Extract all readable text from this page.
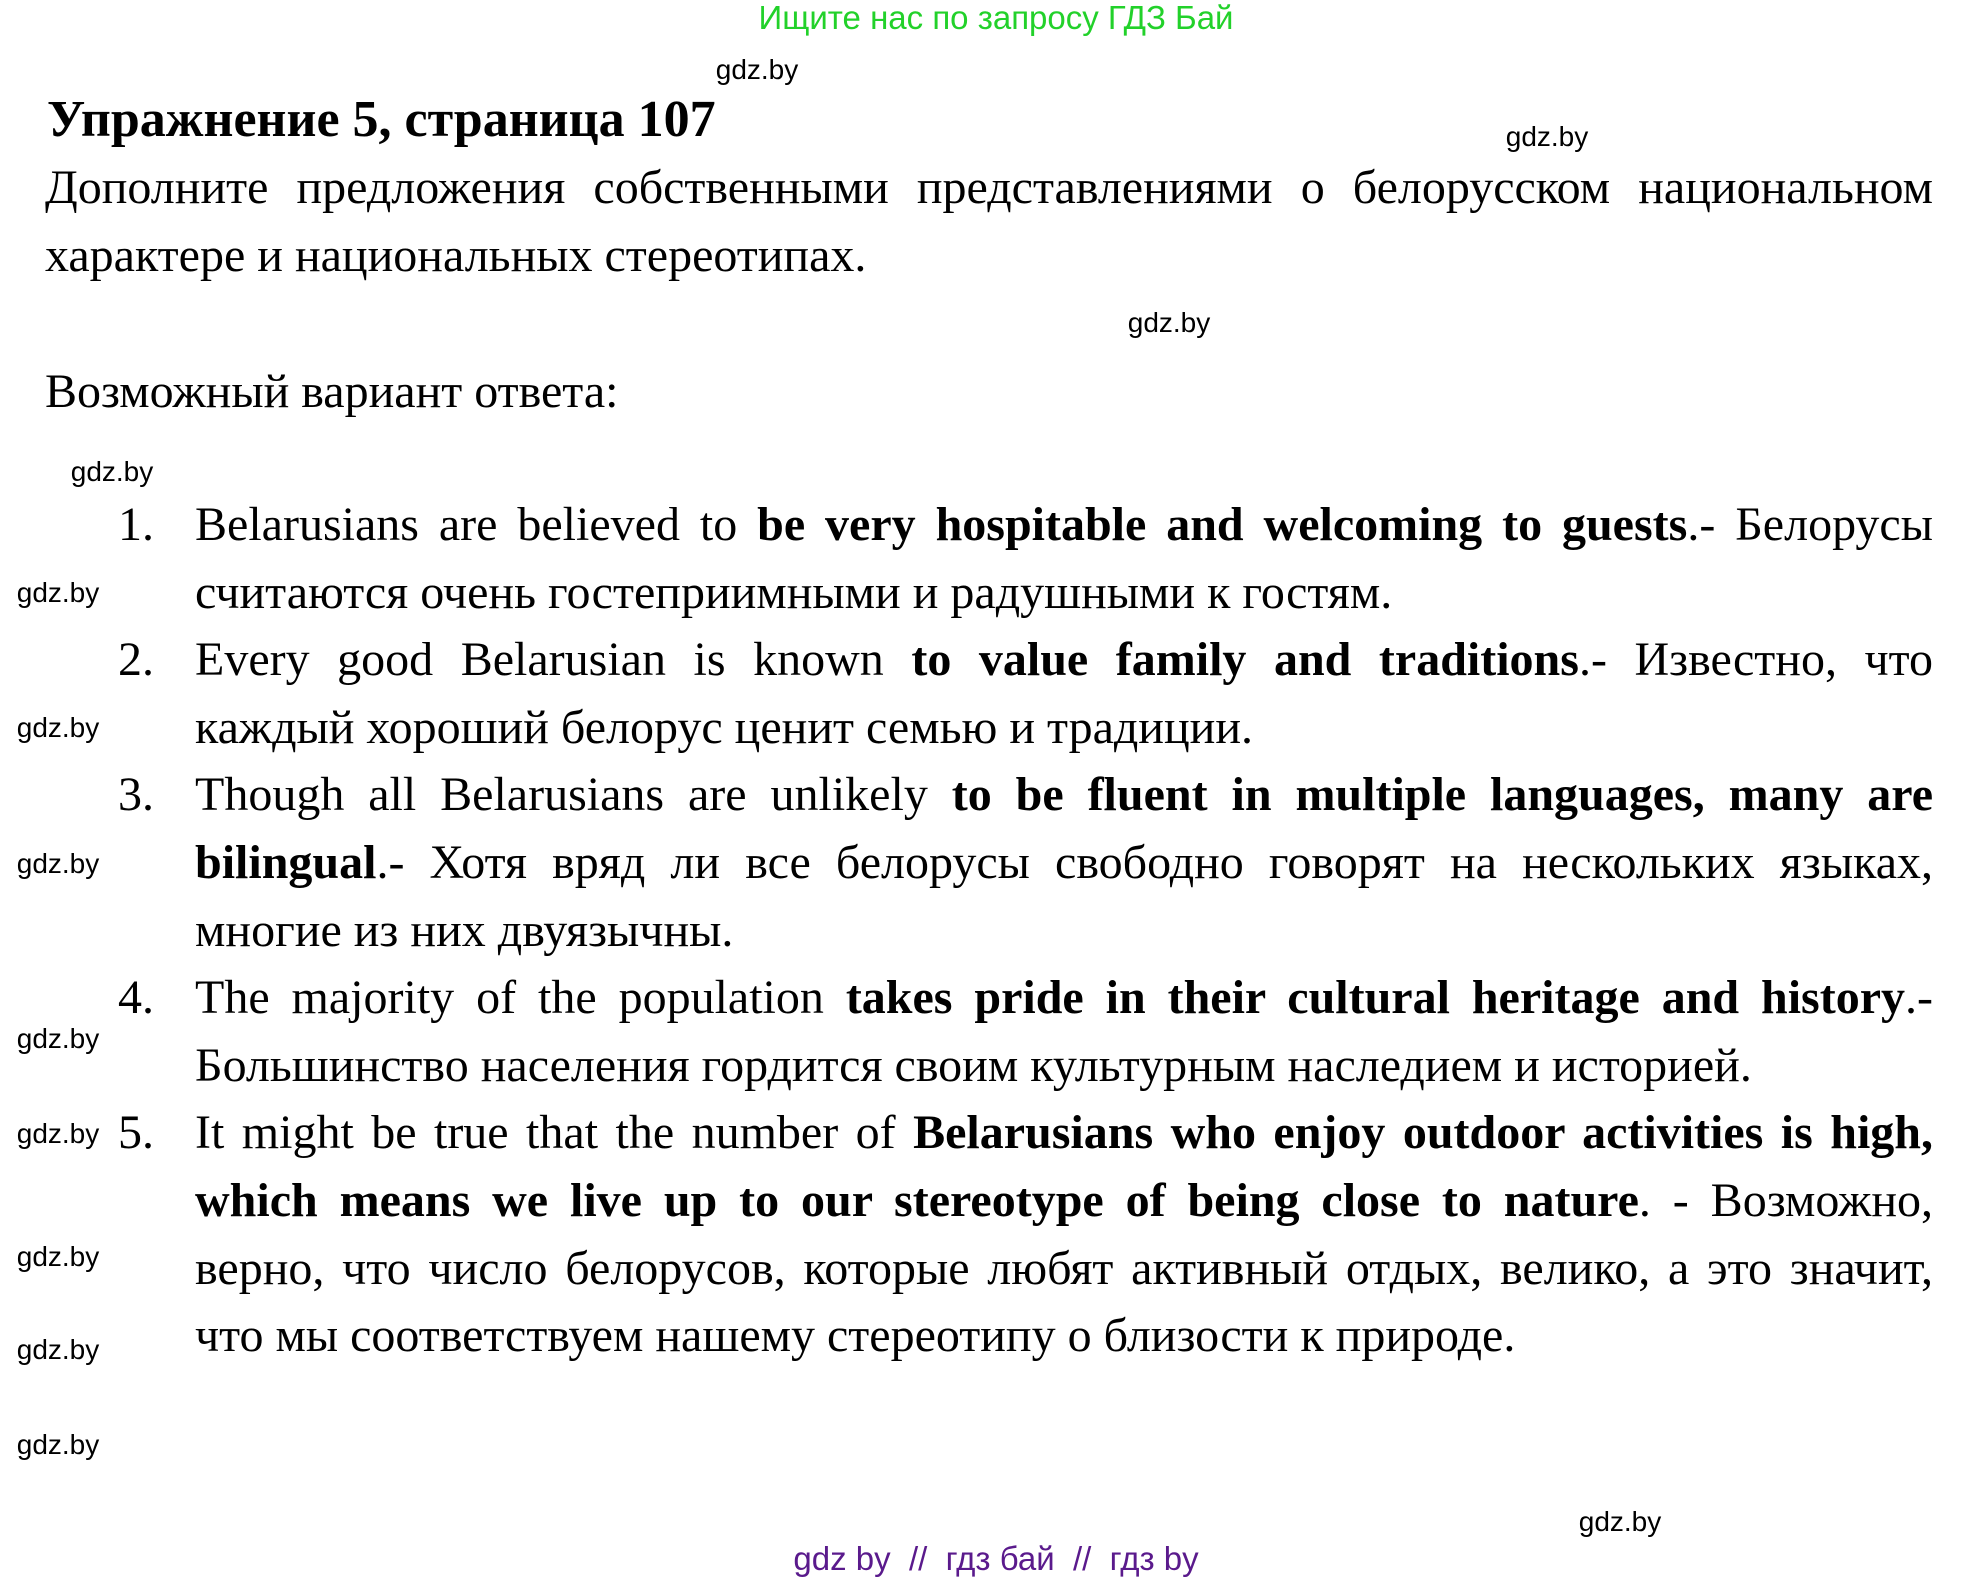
Ищите нас по запросу ГДЗ Бай
Упражнение 5, страница 107
Дополните предложения собственными представлениями о белорусском национальном характере и национальных стереотипах.
Возможный вариант ответа:
1. Belarusians are believed to be very hospitable and welcoming to guests.- Белорусы считаются очень гостеприимными и радушными к гостям.
2. Every good Belarusian is known to value family and traditions.- Известно, что каждый хороший белорус ценит семью и традиции.
3. Though all Belarusians are unlikely to be fluent in multiple languages, many are bilingual.- Хотя вряд ли все белорусы свободно говорят на нескольких языках, многие из них двуязычны.
4. The majority of the population takes pride in their cultural heritage and history.- Большинство населения гордится своим культурным наследием и историей.
5. It might be true that the number of Belarusians who enjoy outdoor activities is high, which means we live up to our stereotype of being close to nature. - Возможно, верно, что число белорусов, которые любят активный отдых, велико, а это значит, что мы соответствуем нашему стереотипу о близости к природе.
gdz.by
gdz.by
gdz.by
gdz.by
gdz.by
gdz.by
gdz.by
gdz.by
gdz.by
gdz.by
gdz.by
gdz.by
gdz.by
gdz by  //  гдз бай  //  гдз by
